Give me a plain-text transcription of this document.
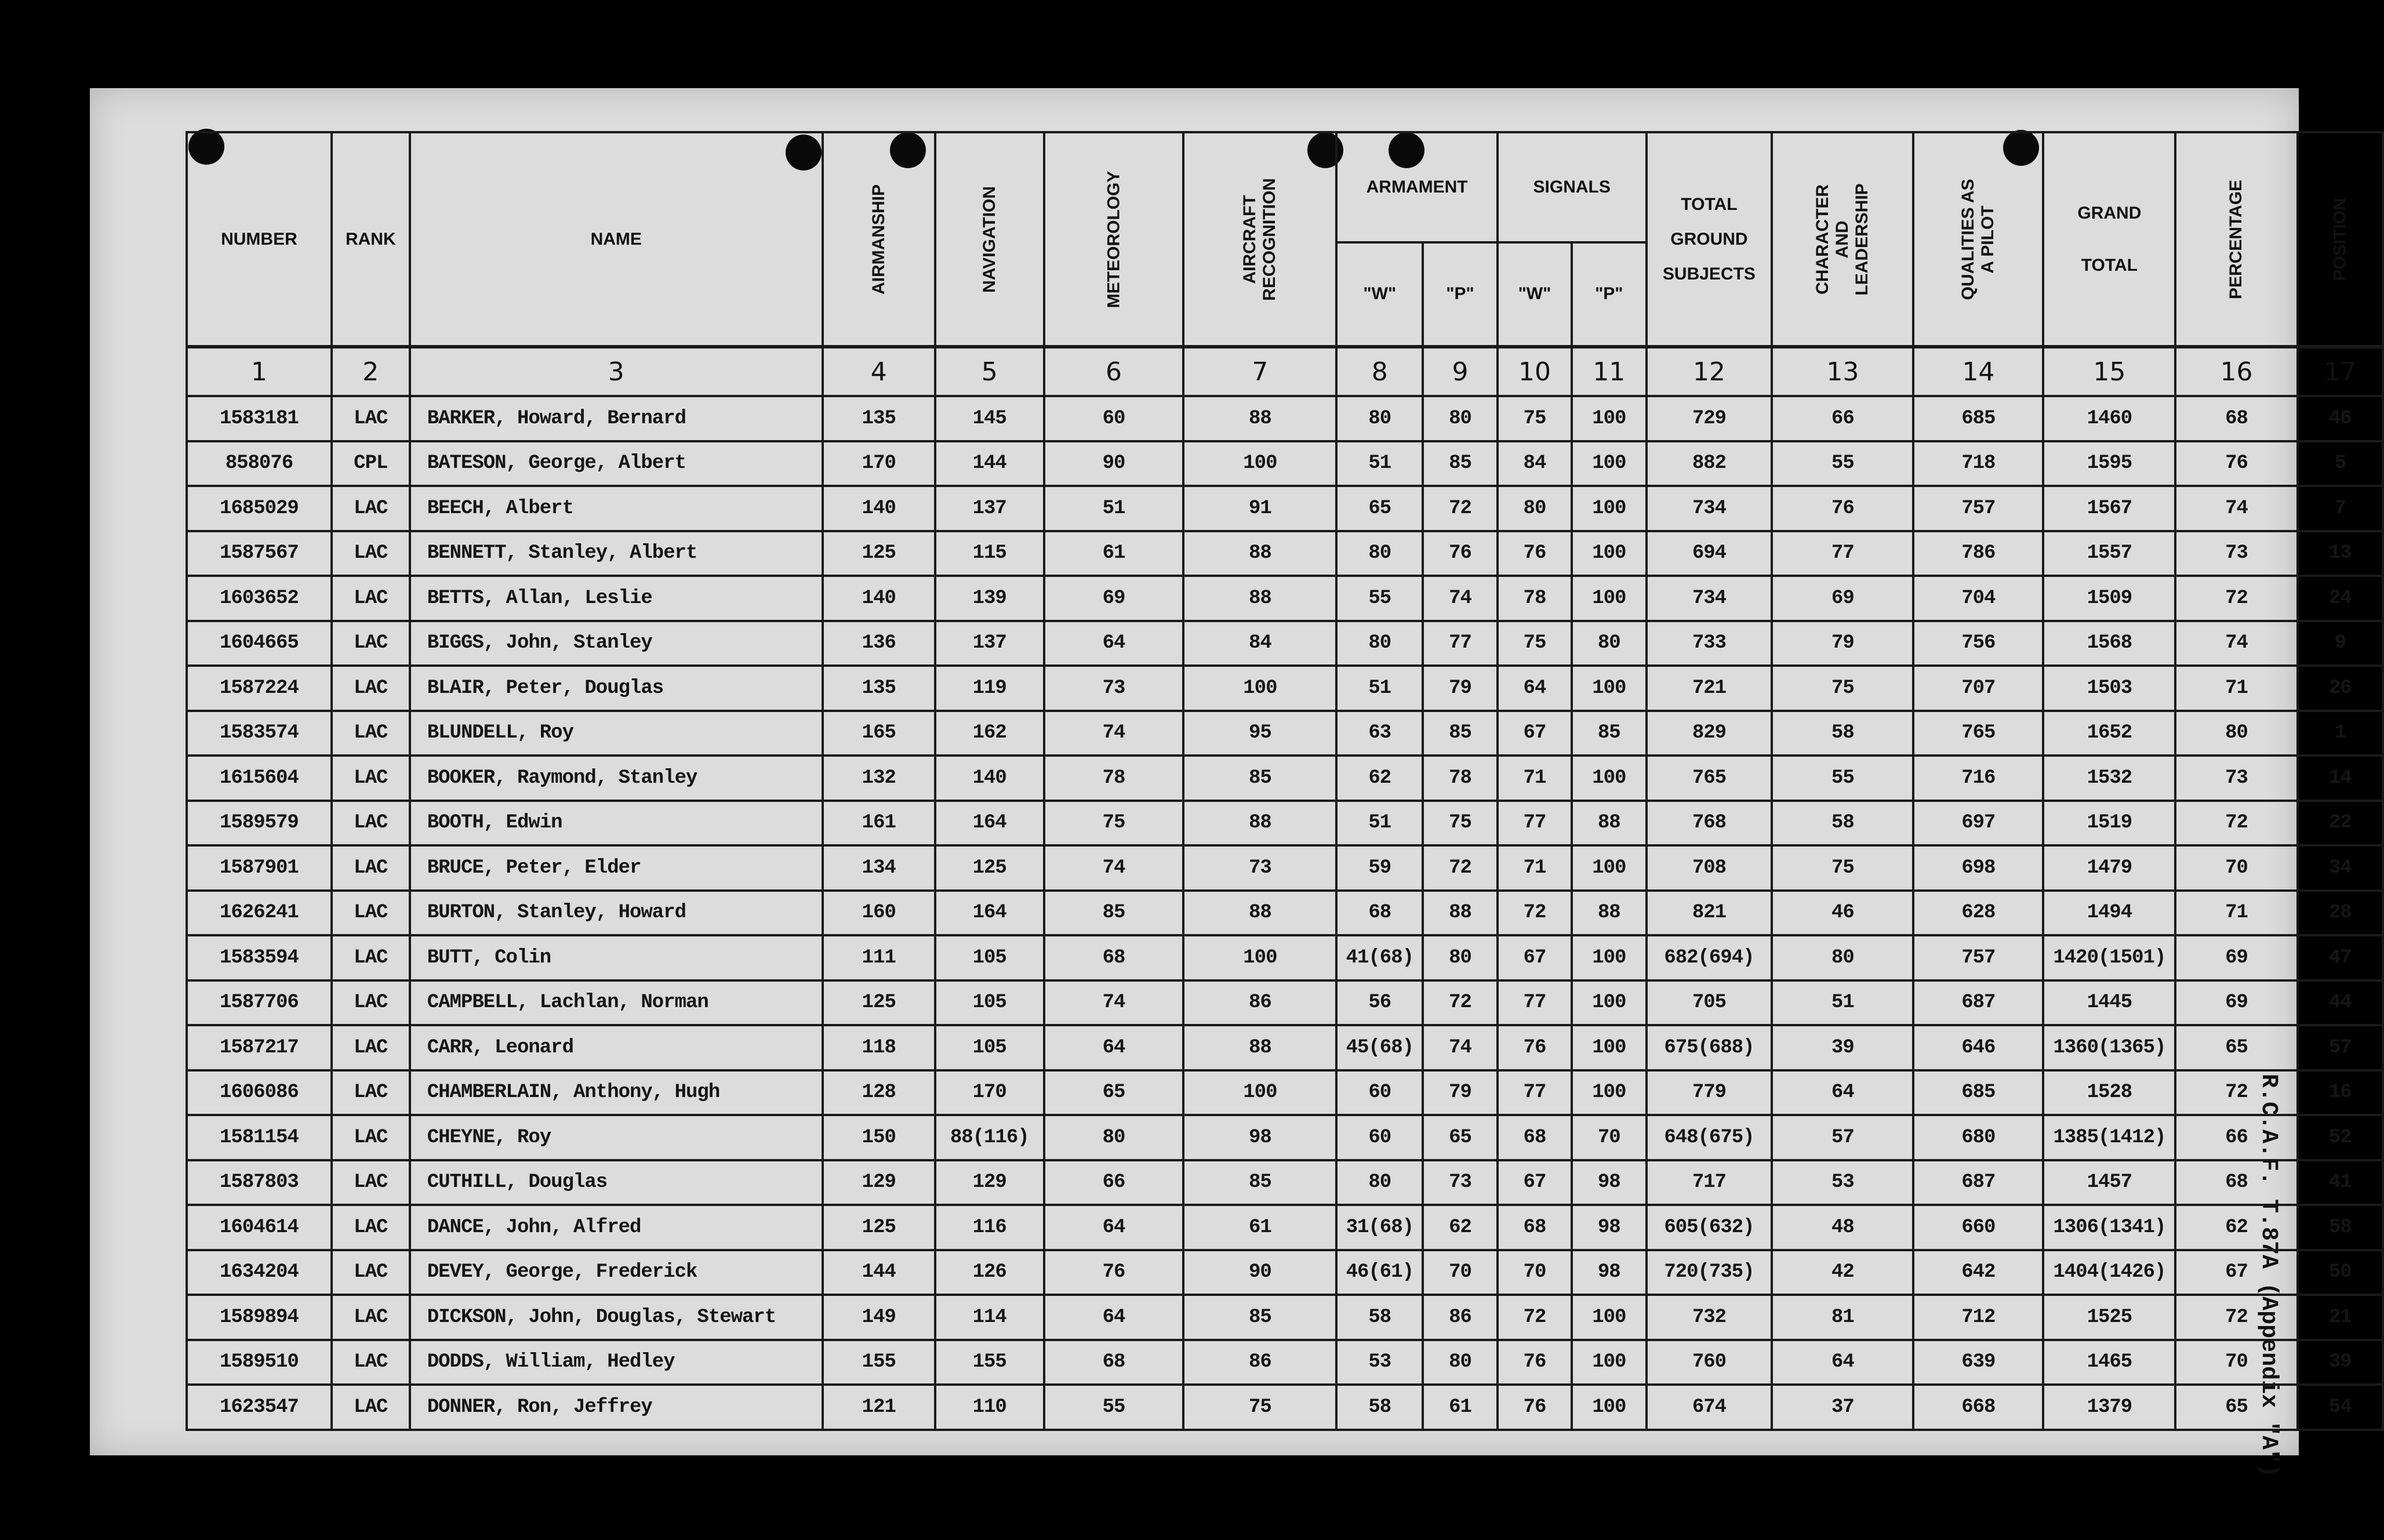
R.C.A.F. T.87A (Appendix "A")
NUMBER	RANK	NAME	AIRMANSHIP	NAVIGATION	METEOROLOGY	AIRCRAFT RECOGNITION	ARMAMENT		SIGNALS		TOTAL GROUND SUBJECTS	CHARACTER AND LEADERSHIP	QUALITIES AS A PILOT	GRAND TOTAL	PERCENTAGE	POSITION
							"W"	"P"	"W"	"P"						
1	2	3	4	5	6	7	8	9	10	11	12	13	14	15	16	17
1583181	LAC	BARKER, Howard, Bernard	135	145	60	88	80	80	75	100	729	66	685	1460	68	46
858076	CPL	BATESON, George, Albert	170	144	90	100	51	85	84	100	882	55	718	1595	76	5
1685029	LAC	BEECH, Albert	140	137	51	91	65	72	80	100	734	76	757	1567	74	7
1587567	LAC	BENNETT, Stanley, Albert	125	115	61	88	80	76	76	100	694	77	786	1557	73	13
1603652	LAC	BETTS, Allan, Leslie	140	139	69	88	55	74	78	100	734	69	704	1509	72	24
1604665	LAC	BIGGS, John, Stanley	136	137	64	84	80	77	75	80	733	79	756	1568	74	9
1587224	LAC	BLAIR, Peter, Douglas	135	119	73	100	51	79	64	100	721	75	707	1503	71	26
1583574	LAC	BLUNDELL, Roy	165	162	74	95	63	85	67	85	829	58	765	1652	80	1
1615604	LAC	BOOKER, Raymond, Stanley	132	140	78	85	62	78	71	100	765	55	716	1532	73	14
1589579	LAC	BOOTH, Edwin	161	164	75	88	51	75	77	88	768	58	697	1519	72	22
1587901	LAC	BRUCE, Peter, Elder	134	125	74	73	59	72	71	100	708	75	698	1479	70	34
1626241	LAC	BURTON, Stanley, Howard	160	164	85	88	68	88	72	88	821	46	628	1494	71	28
1583594	LAC	BUTT, Colin	111	105	68	100	41(68)	80	67	100	682(694)	80	757	1420(1501)	69	47
1587706	LAC	CAMPBELL, Lachlan, Norman	125	105	74	86	56	72	77	100	705	51	687	1445	69	44
1587217	LAC	CARR, Leonard	118	105	64	88	45(68)	74	76	100	675(688)	39	646	1360(1365)	65	57
1606086	LAC	CHAMBERLAIN, Anthony, Hugh	128	170	65	100	60	79	77	100	779	64	685	1528	72	16
1581154	LAC	CHEYNE, Roy	150	88(116)	80	98	60	65	68	70	648(675)	57	680	1385(1412)	66	52
1587803	LAC	CUTHILL, Douglas	129	129	66	85	80	73	67	98	717	53	687	1457	68	41
1604614	LAC	DANCE, John, Alfred	125	116	64	61	31(68)	62	68	98	605(632)	48	660	1306(1341)	62	58
1634204	LAC	DEVEY, George, Frederick	144	126	76	90	46(61)	70	70	98	720(735)	42	642	1404(1426)	67	50
1589894	LAC	DICKSON, John, Douglas, Stewart	149	114	64	85	58	86	72	100	732	81	712	1525	72	21
1589510	LAC	DODDS, William, Hedley	155	155	68	86	53	80	76	100	760	64	639	1465	70	39
1623547	LAC	DONNER, Ron, Jeffrey	121	110	55	75	58	61	76	100	674	37	668	1379	65	54
